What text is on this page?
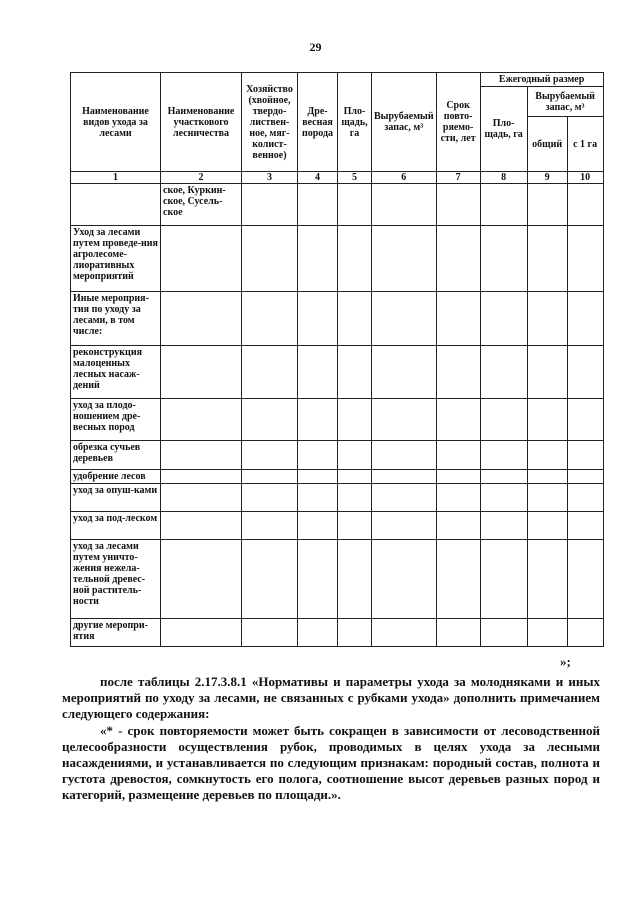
29
Наименование видов ухода за лесами	Наименование участкового лесничества	Хозяйство (хвойное, твердо-листвен-ное, мяг-колист-венное)	Дре-весная порода	Пло-щадь, га	Вырубаемый запас, м³	Срок повто-ряемо-сти, лет	Ежегодный размер		
							Пло-щадь, га	Вырубаемый запас, м³	
								общий	с 1 га
1	2	3	4	5	6	7	8	9	10
	ское, Куркин-ское, Сусель-ское								
Уход за лесами путем проведе-ния агролесоме-лиоративных мероприятий									
Иные мероприя-тия по уходу за лесами, в том числе:									
реконструкция малоценных лесных насаж-дений									
уход за плодо-ношением дре-весных пород									
обрезка сучьев деревьев									
удобрение лесов									
уход за опуш-ками									
уход за под-леском									
уход за лесами путем уничто-жения нежела-тельной древес-ной раститель-ности									
другие меропри-ятия									
»;
после таблицы 2.17.3.8.1 «Нормативы и параметры ухода за молодняками и иных мероприятий по уходу за лесами, не связанных с рубками ухода» дополнить примечанием следующего содержания:
«* - срок повторяемости может быть сокращен в зависимости от лесоводственной целесообразности осуществления рубок, проводимых в целях ухода за лесными насаждениями, и устанавливается по следующим признакам: породный состав, полнота и густота древостоя, сомкнутость его полога, соотношение высот деревьев разных пород и категорий, размещение деревьев по площади.».
